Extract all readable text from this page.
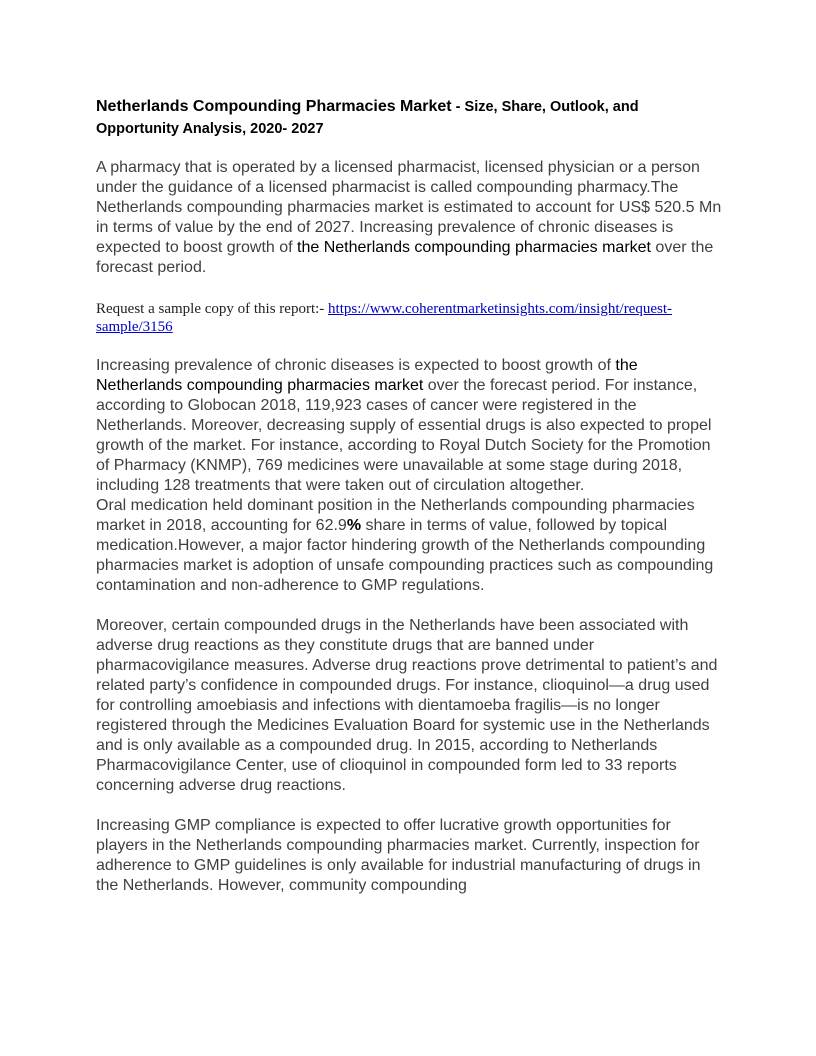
Netherlands Compounding Pharmacies Market - Size, Share, Outlook, and Opportunity Analysis, 2020- 2027

A pharmacy that is operated by a licensed pharmacist, licensed physician or a person under the guidance of a licensed pharmacist is called compounding pharmacy.The Netherlands compounding pharmacies market is estimated to account for US$ 520.5 Mn in terms of value by the end of 2027. Increasing prevalence of chronic diseases is expected to boost growth of the Netherlands compounding pharmacies market over the forecast period.

Request a sample copy of this report:- https://www.coherentmarketinsights.com/insight/request-sample/3156

Increasing prevalence of chronic diseases is expected to boost growth of the Netherlands compounding pharmacies market over the forecast period. For instance, according to Globocan 2018, 119,923 cases of cancer were registered in the Netherlands. Moreover, decreasing supply of essential drugs is also expected to propel growth of the market. For instance, according to Royal Dutch Society for the Promotion of Pharmacy (KNMP), 769 medicines were unavailable at some stage during 2018, including 128 treatments that were taken out of circulation altogether.

Oral medication held dominant position in the Netherlands compounding pharmacies market in 2018, accounting for 62.9% share in terms of value, followed by topical medication.However, a major factor hindering growth of the Netherlands compounding pharmacies market is adoption of unsafe compounding practices such as compounding contamination and non-adherence to GMP regulations.

Moreover, certain compounded drugs in the Netherlands have been associated with adverse drug reactions as they constitute drugs that are banned under pharmacovigilance measures. Adverse drug reactions prove detrimental to patient’s and related party’s confidence in compounded drugs. For instance, clioquinol—a drug used for controlling amoebiasis and infections with dientamoeba fragilis—is no longer registered through the Medicines Evaluation Board for systemic use in the Netherlands and is only available as a compounded drug. In 2015, according to Netherlands Pharmacovigilance Center, use of clioquinol in compounded form led to 33 reports concerning adverse drug reactions.

Increasing GMP compliance is expected to offer lucrative growth opportunities for players in the Netherlands compounding pharmacies market. Currently, inspection for adherence to GMP guidelines is only available for industrial manufacturing of drugs in the Netherlands. However, community compounding
